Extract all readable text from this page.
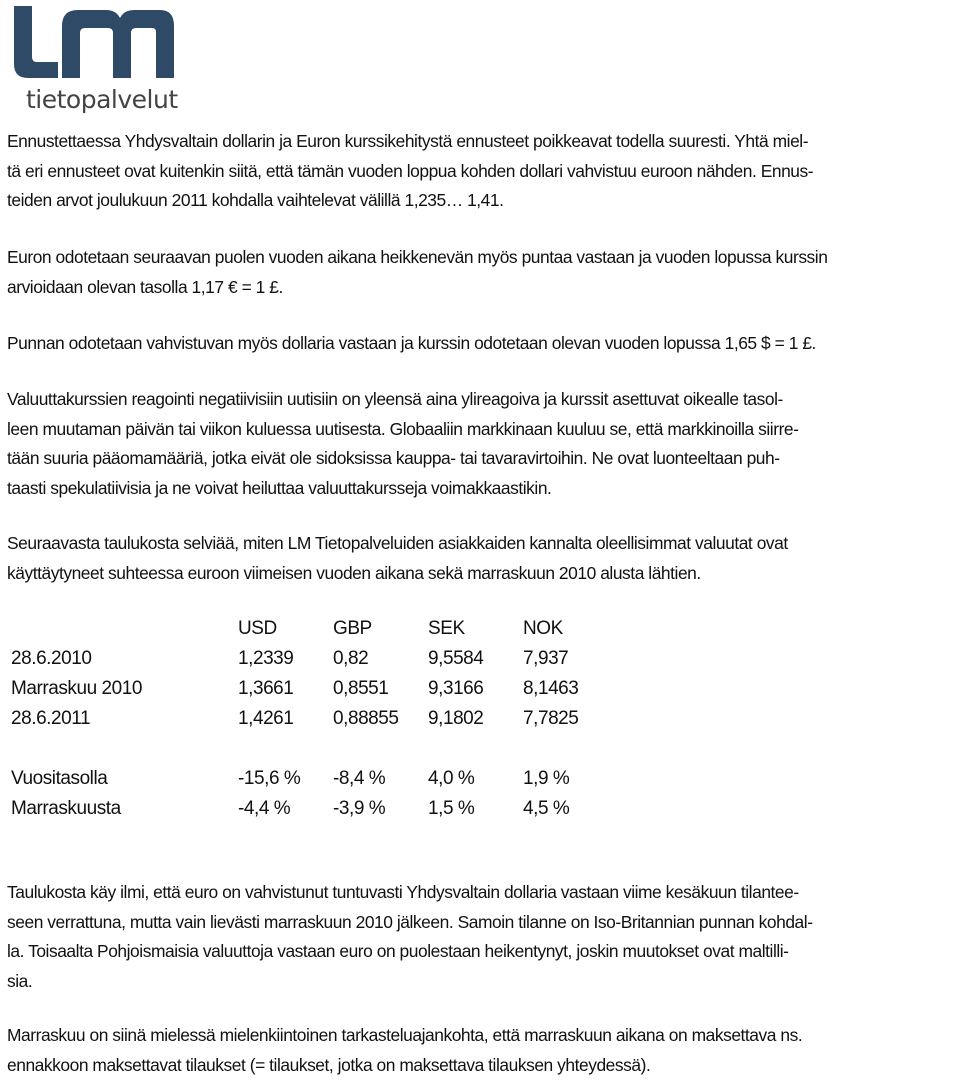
tietopalvelut

Ennustettaessa Yhdysvaltain dollarin ja Euron kurssikehitystä ennusteet poikkeavat todella suuresti. Yhtä miel-
tä eri ennusteet ovat kuitenkin siitä, että tämän vuoden loppua kohden dollari vahvistuu euroon nähden. Ennus-
teiden arvot joulukuun 2011 kohdalla vaihtelevat välillä 1,235… 1,41.

Euron odotetaan seuraavan puolen vuoden aikana heikkenevän myös puntaa vastaan ja vuoden lopussa kurssin
arvioidaan olevan tasolla 1,17 € = 1 £.

Punnan odotetaan vahvistuvan myös dollaria vastaan ja kurssin odotetaan olevan vuoden lopussa 1,65 $ = 1 £.

Valuuttakurssien reagointi negatiivisiin uutisiin on yleensä aina ylireagoiva ja kurssit asettuvat oikealle tasol-
leen muutaman päivän tai viikon kuluessa uutisesta. Globaaliin markkinaan kuuluu se, että markkinoilla siirre-
tään suuria pääomamääriä, jotka eivät ole sidoksissa kauppa- tai tavaravirtoihin. Ne ovat luonteeltaan puh-
taasti spekulatiivisia ja ne voivat heiluttaa valuuttakursseja voimakkaastikin.

Seuraavasta taulukosta selviää, miten LM Tietopalveluiden asiakkaiden kannalta oleellisimmat valuutat ovat
käyttäytyneet suhteessa euroon viimeisen vuoden aikana sekä marraskuun 2010 alusta lähtien.

Taulukosta käy ilmi, että euro on vahvistunut tuntuvasti Yhdysvaltain dollaria vastaan viime kesäkuun tilantee-
seen verrattuna, mutta vain lievästi marraskuun 2010 jälkeen. Samoin tilanne on Iso-Britannian punnan kohdal-
la. Toisaalta Pohjoismaisia valuuttoja vastaan euro on puolestaan heikentynyt, joskin muutokset ovat maltilli-
sia.

Marraskuu on siinä mielessä mielenkiintoinen tarkasteluajankohta, että marraskuun aikana on maksettava ns.
ennakkoon maksettavat tilaukset (= tilaukset, jotka on maksettava tilauksen yhteydessä).

USD	GBP	SEK	NOK
28.6.2010	1,2339 0,82	9,5584 7,937
Marraskuu 2010	1,3661 0,8551 9,3166 8,1463
28.6.2011	1,4261 0,88855 9,1802 7,7825
Vuositasolla	-15,6 % -8,4 % 4,0 %	1,9 %
Marraskuusta	-4,4 % -3,9 % 1,5 %	4,5 %
